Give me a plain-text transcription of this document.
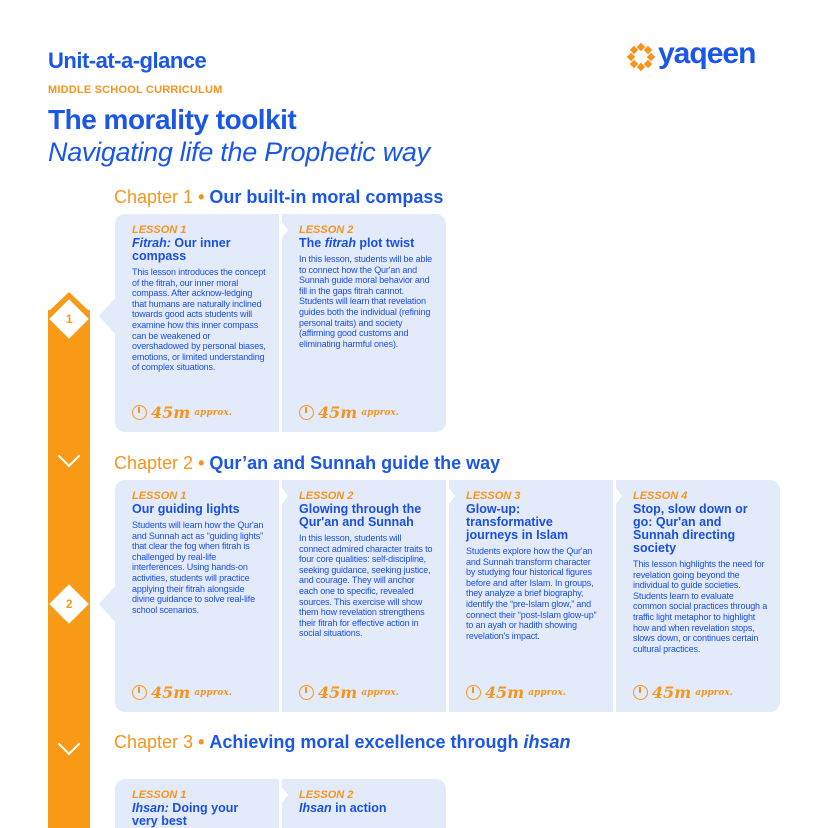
Unit-at-a-glance
MIDDLE SCHOOL CURRICULUM
The morality toolkit
Navigating life the Prophetic way
yaqeen
1
2
Chapter 1 • Our built-in moral compass
LESSON 1
Fitrah: Our inner compass
This lesson introduces the concept of the fitrah, our inner moral compass. After acknow-ledging that humans are naturally inclined towards good acts students will examine how this inner compass can be weakened or overshadowed by personal biases, emotions, or limited understanding of complex situations.
45m approx.
LESSON 2
The fitrah plot twist
In this lesson, students will be able to connect how the Qur'an and Sunnah guide moral behavior and fill in the gaps fitrah cannot. Students will learn that revelation guides both the individual (refining personal traits) and society (affirming good customs and eliminating harmful ones).
45m approx.
Chapter 2 • Qur’an and Sunnah guide the way
LESSON 1
Our guiding lights
Students will learn how the Qur'an and Sunnah act as “guiding lights” that clear the fog when fitrah is challenged by real-life interferences. Using hands-on activities, students will practice applying their fitrah alongside divine guidance to solve real-life school scenarios.
45m approx.
LESSON 2
Glowing through the Qur'an and Sunnah
In this lesson, students will connect admired character traits to four core qualities: self-discipline, seeking guidance, seeking justice, and courage. They will anchor each one to specific, revealed sources. This exercise will show them how revelation strengthens their fitrah for effective action in social situations.
45m approx.
LESSON 3
Glow-up: transformative journeys in Islam
Students explore how the Qur'an and Sunnah transform character by studying four historical figures before and after Islam. In groups, they analyze a brief biography, identify the “pre-Islam glow,” and connect their “post-Islam glow-up” to an ayah or hadith showing revelation's impact.
45m approx.
LESSON 4
Stop, slow down or go: Qur'an and Sunnah directing society
This lesson highlights the need for revelation going beyond the individual to guide societies. Students learn to evaluate common social practices through a traffic light metaphor to highlight how and when revelation stops, slows down, or continues certain cultural practices.
45m approx.
Chapter 3 • Achieving moral excellence through ihsan
LESSON 1
Ihsan: Doing your very best
LESSON 2
Ihsan in action
